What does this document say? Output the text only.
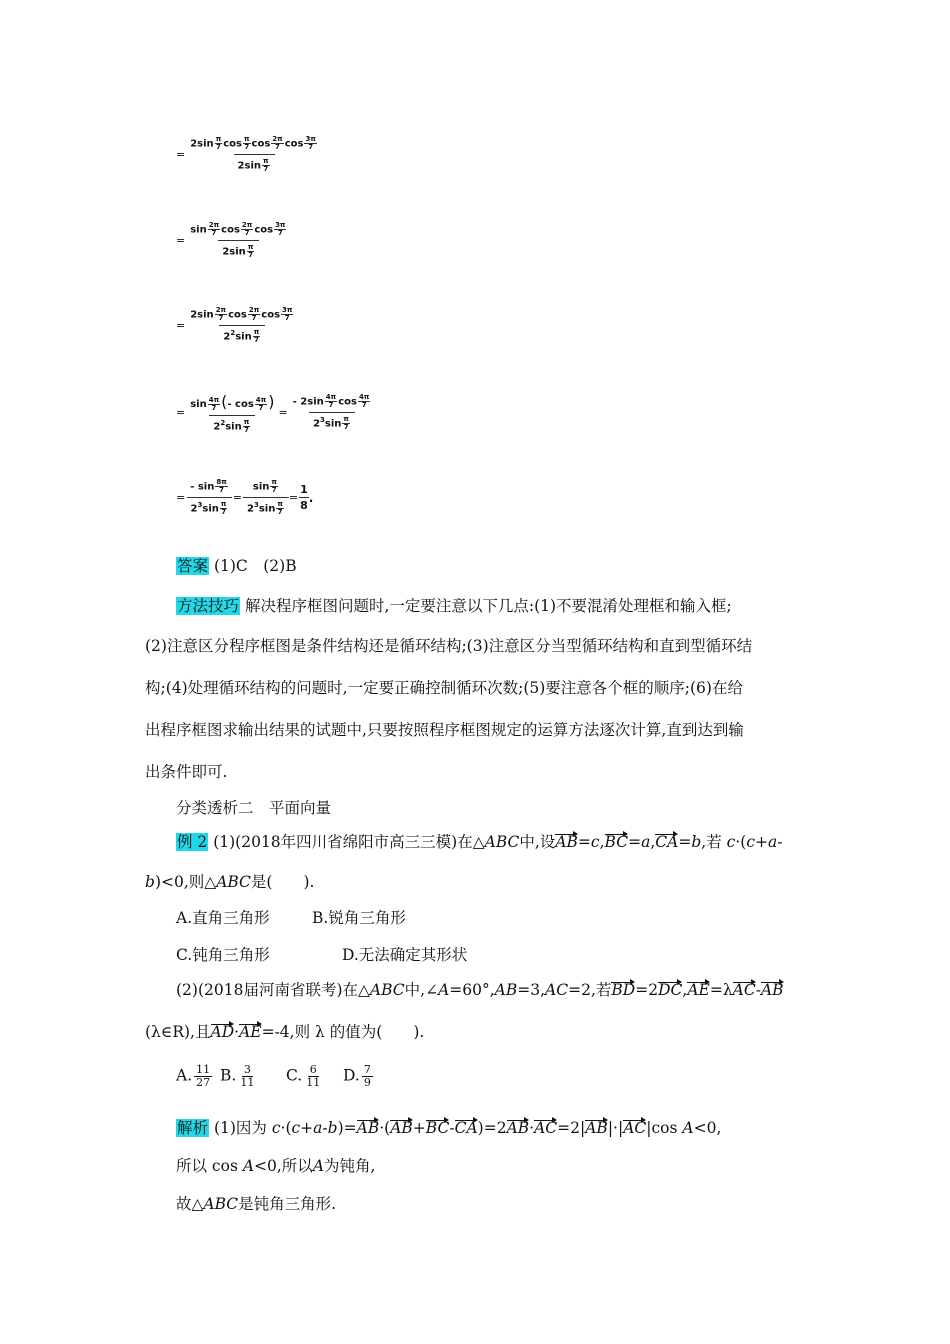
= $\frac{2\sin \frac{\pi}{7} \cos \frac{\pi}{7} \cos \frac{2\pi}{7} \cos \frac{3\pi}{7}}{2\sin \frac{\pi}{7}}$
= $\frac{\sin \frac{2\pi}{7} \cos \frac{2\pi}{7} \cos \frac{3\pi}{7}}{2\sin \frac{\pi}{7}}$
= $\frac{2\sin \frac{2\pi}{7} \cos \frac{2\pi}{7} \cos \frac{3\pi}{7}}{2^2\sin \frac{\pi}{7}}$
= $\frac{\sin \frac{4\pi}{7} (- \cos \frac{4\pi}{7} )}{2^2\sin \frac{\pi}{7}} = \frac{- 2\sin \frac{4\pi}{7} \cos \frac{4\pi}{7}}{2^3\sin \frac{\pi}{7}}$
= $\frac{- \sin \frac{8\pi}{7}}{2^3\sin \frac{\pi}{7}} = \frac{\sin \frac{\pi}{7}}{2^3\sin \frac{\pi}{7}} = \frac{1}{8}$ .
答案 (1)C　(2)B
方法技巧 解决程序框图问题时,一定要注意以下几点:(1)不要混淆处理框和输入框;
(2)注意区分程序框图是条件结构还是循环结构;(3)注意区分当型循环结构和直到型循环结
构;(4)处理循环结构的问题时,一定要正确控制循环次数;(5)要注意各个框的顺序;(6)在给
出程序框图求输出结果的试题中,只要按照程序框图规定的运算方法逐次计算,直到达到输
出条件即可.
分类透析二　平面向量
例 2 (1)(2018年四川省绵阳市高三三模)在△ABC中,设AB=c,BC=a,CA=b,若 c·(c+a-
b)<0,则△ABC是(　　).
A.直角三角形	B.锐角三角形
C.钝角三角形	D.无法确定其形状
(2)(2018届河南省联考)在△ABC中,∠A=60°,AB=3,AC=2,若BD=2DC,AE=λAC-AB
(λ∈R),且AD·AE=-4,则 λ 的值为(　　).
A. $\frac{11}{27} B$. $\frac{3}{11} C$. $\frac{6}{11} D$. $\frac{7}{9}$
解析 (1)因为 c·(c+a-b)=AB·(AB+BC-CA)=2AB·AC=2|AB|·|AC|cos A<0,
所以 cos A<0,所以A为钝角,
故△ABC是钝角三角形.
